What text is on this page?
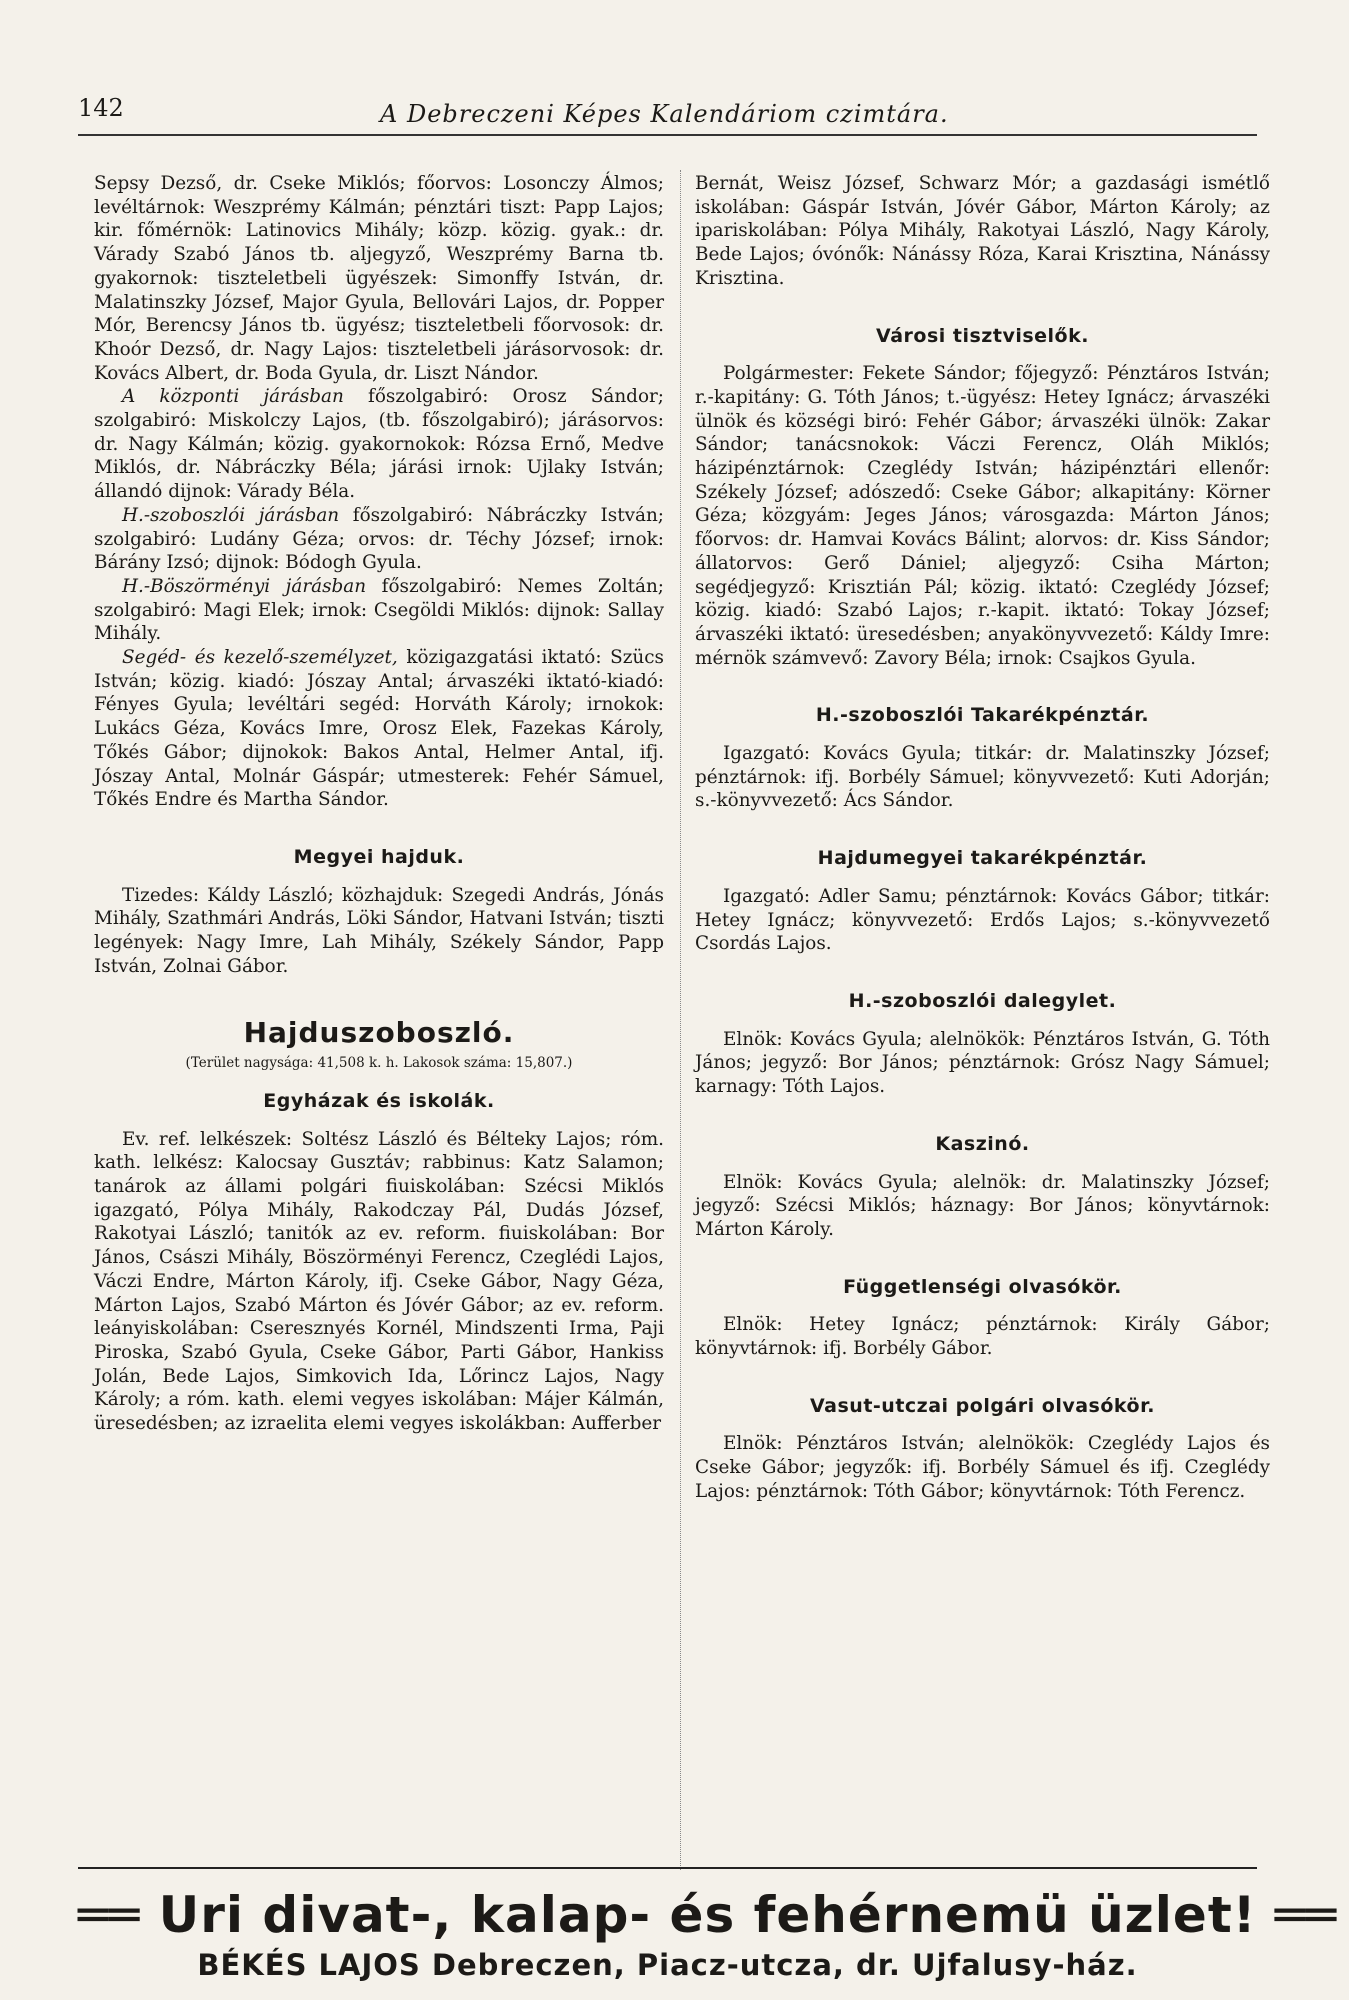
142	A Debreczeni Képes Kalendáriom czimtára.

Sepsy Dezső, dr. Cseke Miklós; főorvos: Losonczy Álmos; levéltárnok: Weszprémy Kálmán; pénztári tiszt: Papp Lajos; kir. főmérnök: Latinovics Mihály; közp. közig. gyak.: dr. Várady Szabó János tb. aljegyző, Weszprémy Barna tb. gyakornok: tiszteletbeli ügyészek: Simonffy István, dr. Malatinszky József, Major Gyula, Bellovári Lajos, dr. Popper Mór, Berencsy János tb. ügyész; tiszteletbeli főorvosok: dr. Khoór Dezső, dr. Nagy Lajos: tiszteletbeli járásorvosok: dr. Kovács Albert, dr. Boda Gyula, dr. Liszt Nándor.

A központi járásban főszolgabiró: Orosz Sándor; szolgabiró: Miskolczy Lajos, (tb. főszolgabiró); járásorvos: dr. Nagy Kálmán; közig. gyakornokok: Rózsa Ernő, Medve Miklós, dr. Nábráczky Béla; járási irnok: Ujlaky István; állandó dijnok: Várady Béla.

H.-szoboszlói járásban főszolgabiró: Nábráczky István; szolgabiró: Ludány Géza; orvos: dr. Téchy József; irnok: Bárány Izsó; dijnok: Bódogh Gyula.

H.-Böszörményi járásban főszolgabiró: Nemes Zoltán; szolgabiró: Magi Elek; irnok: Csegöldi Miklós: dijnok: Sallay Mihály.

Segéd- és kezelő-személyzet, közigazgatási iktató: Szücs István; közig. kiadó: Jószay Antal; árvaszéki iktató-kiadó: Fényes Gyula; levéltári segéd: Horváth Károly; irnokok: Lukács Géza, Kovács Imre, Orosz Elek, Fazekas Károly, Tőkés Gábor; dijnokok: Bakos Antal, Helmer Antal, ifj. Jószay Antal, Molnár Gáspár; utmesterek: Fehér Sámuel, Tőkés Endre és Martha Sándor.

Megyei hajduk.

Tizedes: Káldy László; közhajduk: Szegedi András, Jónás Mihály, Szathmári András, Löki Sándor, Hatvani István; tiszti legények: Nagy Imre, Lah Mihály, Székely Sándor, Papp István, Zolnai Gábor.

Hajduszoboszló.
(Terület nagysága: 41,508 k. h. Lakosok száma: 15,807.)
Egyházak és iskolák.

Ev. ref. lelkészek: Soltész László és Bélteky Lajos; róm. kath. lelkész: Kalocsay Gusztáv; rabbinus: Katz Salamon; tanárok az állami polgári fiuiskolában: Szécsi Miklós igazgató, Pólya Mihály, Rakodczay Pál, Dudás József, Rakotyai László; tanitók az ev. reform. fiuiskolában: Bor János, Császi Mihály, Böszörményi Ferencz, Czeglédi Lajos, Váczi Endre, Márton Károly, ifj. Cseke Gábor, Nagy Géza, Márton Lajos, Szabó Márton és Jóvér Gábor; az ev. reform. leányiskolában: Cseresznyés Kornél, Mindszenti Irma, Paji Piroska, Szabó Gyula, Cseke Gábor, Parti Gábor, Hankiss Jolán, Bede Lajos, Simkovich Ida, Lőrincz Lajos, Nagy Károly; a róm. kath. elemi vegyes iskolában: Májer Kálmán, üresedésben; az izraelita elemi vegyes iskolákban: Aufferber

Bernát, Weisz József, Schwarz Mór; a gazdasági ismétlő iskolában: Gáspár István, Jóvér Gábor, Márton Károly; az ipariskolában: Pólya Mihály, Rakotyai László, Nagy Károly, Bede Lajos; óvónők: Nánássy Róza, Karai Krisztina, Nánássy Krisztina.

Városi tisztviselők.

Polgármester: Fekete Sándor; főjegyző: Pénztáros István; r.-kapitány: G. Tóth János; t.-ügyész: Hetey Ignácz; árvaszéki ülnök és községi biró: Fehér Gábor; árvaszéki ülnök: Zakar Sándor; tanácsnokok: Váczi Ferencz, Oláh Miklós; házipénztárnok: Czeglédy István; házipénztári ellenőr: Székely József; adószedő: Cseke Gábor; alkapitány: Körner Géza; közgyám: Jeges János; városgazda: Márton János; főorvos: dr. Hamvai Kovács Bálint; alorvos: dr. Kiss Sándor; állatorvos: Gerő Dániel; aljegyző: Csiha Márton; segédjegyző: Krisztián Pál; közig. iktató: Czeglédy József; közig. kiadó: Szabó Lajos; r.-kapit. iktató: Tokay József; árvaszéki iktató: üresedésben; anyakönyvvezető: Káldy Imre: mérnök számvevő: Zavory Béla; irnok: Csajkos Gyula.

H.-szoboszlói Takarékpénztár.

Igazgató: Kovács Gyula; titkár: dr. Malatinszky József; pénztárnok: ifj. Borbély Sámuel; könyvvezető: Kuti Adorján; s.-könyvvezető: Ács Sándor.

Hajdumegyei takarékpénztár.

Igazgató: Adler Samu; pénztárnok: Kovács Gábor; titkár: Hetey Ignácz; könyvvezető: Erdős Lajos; s.-könyvvezető Csordás Lajos.

H.-szoboszlói dalegylet.

Elnök: Kovács Gyula; alelnökök: Pénztáros István, G. Tóth János; jegyző: Bor János; pénztárnok: Grósz Nagy Sámuel; karnagy: Tóth Lajos.

Kaszinó.

Elnök: Kovács Gyula; alelnök: dr. Malatinszky József; jegyző: Szécsi Miklós; háznagy: Bor János; könyvtárnok: Márton Károly.

Függetlenségi olvasókör.

Elnök: Hetey Ignácz; pénztárnok: Király Gábor; könyvtárnok: ifj. Borbély Gábor.

Vasut-utczai polgári olvasókör.

Elnök: Pénztáros István; alelnökök: Czeglédy Lajos és Cseke Gábor; jegyzők: ifj. Borbély Sámuel és ifj. Czeglédy Lajos: pénztárnok: Tóth Gábor; könyvtárnok: Tóth Ferencz.

══ Uri divat-, kalap- és fehérnemü üzlet! ══
BÉKÉS LAJOS Debreczen, Piacz-utcza, dr. Ujfalusy-ház.
